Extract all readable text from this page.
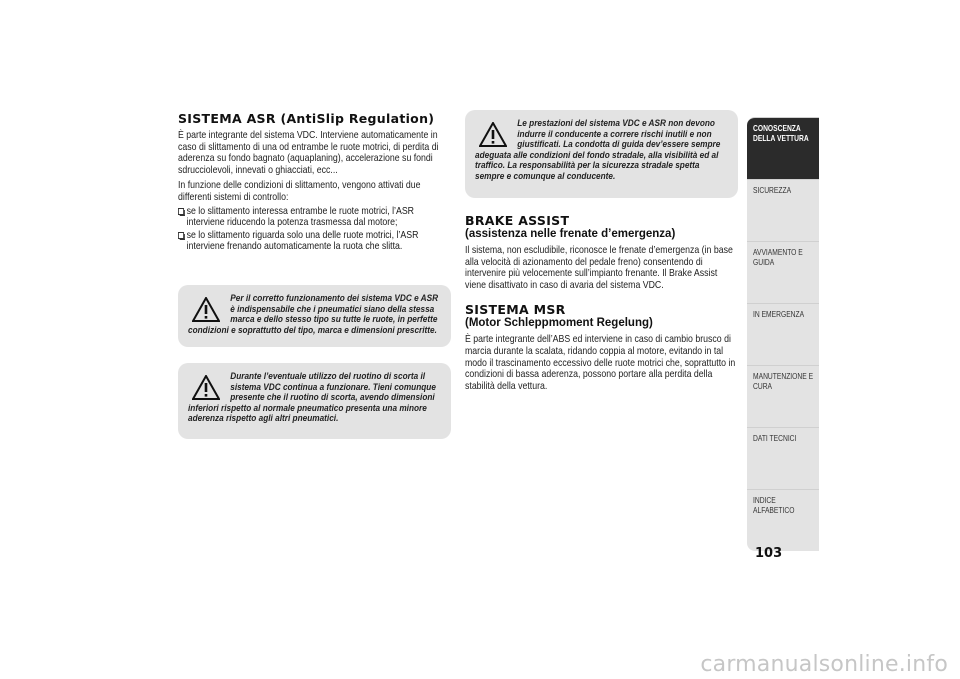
SISTEMA ASR (AntiSlip Regulation)

È parte integrante del sistema VDC. Interviene automaticamente in caso di slittamento di una od entrambe le ruote motrici, di perdita di aderenza su fondo bagnato (aquaplaning), accelerazione su fondi sdrucciolevoli, innevati o ghiacciati, ecc...

In funzione delle condizioni di slittamento, vengono attivati due differenti sistemi di controllo:

se lo slittamento interessa entrambe le ruote motrici, l’ASR interviene riducendo la potenza trasmessa dal motore;
se lo slittamento riguarda solo una delle ruote motrici, l’ASR interviene frenando automaticamente la ruota che slitta.
Per il corretto funzionamento dei sistema VDC e ASR è indispensabile che i pneumatici siano della stessa marca e dello stesso tipo su tutte le ruote, in perfette
condizioni e soprattutto del tipo, marca e dimensioni prescritte.
Durante l’eventuale utilizzo del ruotino di scorta il sistema VDC continua a funzionare. Tieni comunque presente che il ruotino di scorta, avendo dimensioni
inferiori rispetto al normale pneumatico presenta una minore aderenza rispetto agli altri pneumatici.
Le prestazioni del sistema VDC e ASR non devono indurre il conducente a correre rischi inutili e non giustificati. La condotta di guida dev’essere sempre
adeguata alle condizioni del fondo stradale, alla visibilità ed al traffico. La responsabilità per la sicurezza stradale spetta sempre e comunque al conducente.
BRAKE ASSIST
(assistenza nelle frenate d’emergenza)

Il sistema, non escludibile, riconosce le frenate d’emergenza (in base alla velocità di azionamento del pedale freno) consentendo di intervenire più velocemente sull’impianto frenante. Il Brake Assist viene disattivato in caso di avaria del sistema VDC.

SISTEMA MSR
(Motor Schleppmoment Regelung)

È parte integrante dell’ABS ed interviene in caso di cambio brusco di marcia durante la scalata, ridando coppia al motore, evitando in tal modo il trascinamento eccessivo delle ruote motrici che, soprattutto in condizioni di bassa aderenza, possono portare alla perdita della stabilità della vettura.

CONOSCENZA DELLA VETTURA
SICUREZZA
AVVIAMENTO E GUIDA
IN EMERGENZA
MANUTENZIONE E CURA
DATI TECNICI
INDICE ALFABETICO
103
carmanualsonline.info
